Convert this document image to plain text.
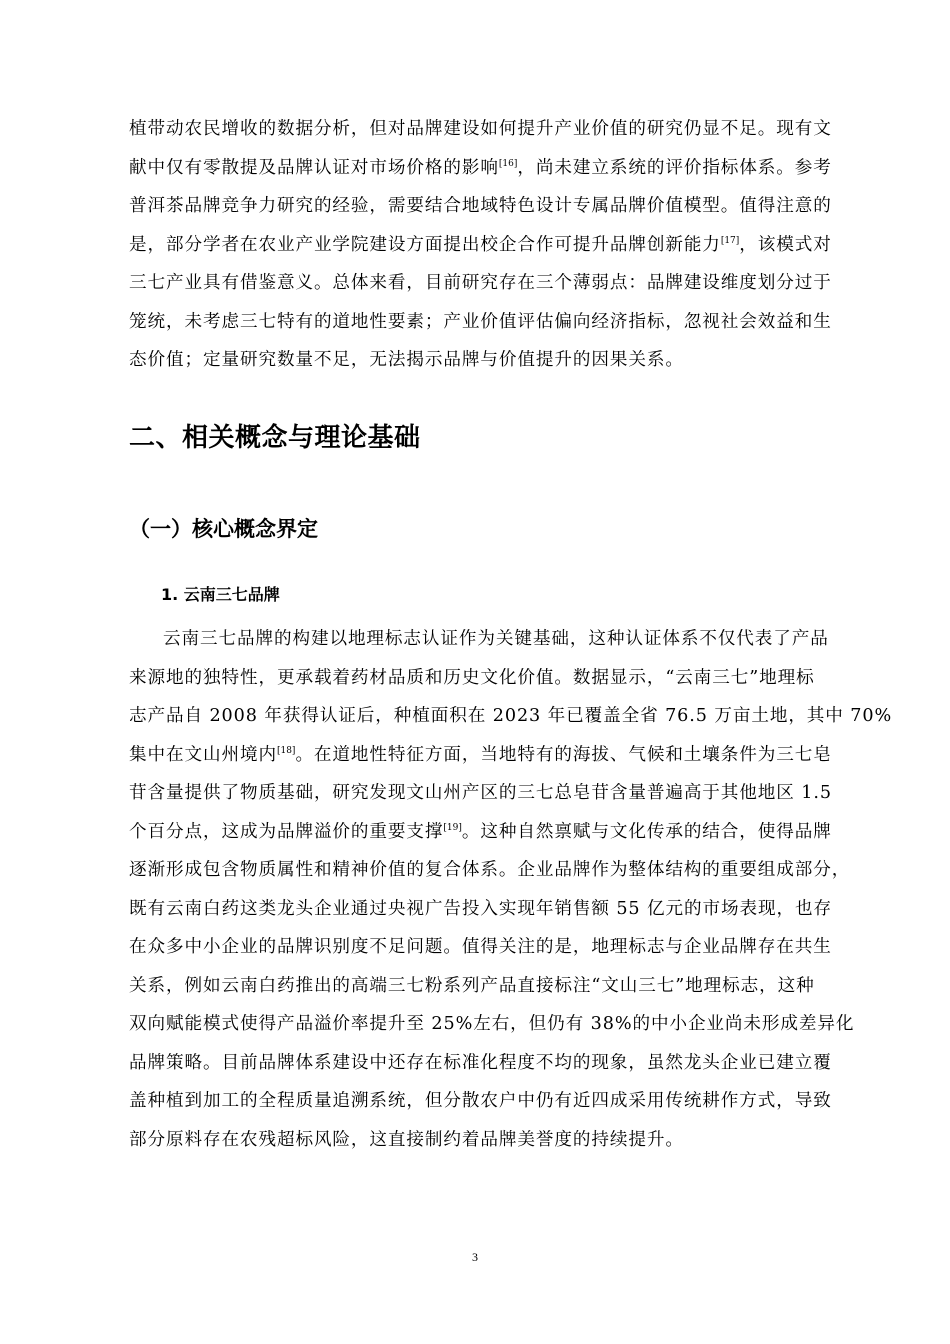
植带动农民增收的数据分析，但对品牌建设如何提升产业价值的研究仍显不足。现有文
献中仅有零散提及品牌认证对市场价格的影响[16]，尚未建立系统的评价指标体系。参考
普洱茶品牌竞争力研究的经验，需要结合地域特色设计专属品牌价值模型。值得注意的
是，部分学者在农业产业学院建设方面提出校企合作可提升品牌创新能力[17]，该模式对
三七产业具有借鉴意义。总体来看，目前研究存在三个薄弱点：品牌建设维度划分过于
笼统，未考虑三七特有的道地性要素；产业价值评估偏向经济指标，忽视社会效益和生
态价值；定量研究数量不足，无法揭示品牌与价值提升的因果关系。

二、相关概念与理论基础
（一）核心概念界定
1. 云南三七品牌

云南三七品牌的构建以地理标志认证作为关键基础，这种认证体系不仅代表了产品
来源地的独特性，更承载着药材品质和历史文化价值。数据显示，“云南三七”地理标
志产品自 2008 年获得认证后，种植面积在 2023 年已覆盖全省 76.5 万亩土地，其中 70%
集中在文山州境内[18]。在道地性特征方面，当地特有的海拔、气候和土壤条件为三七皂
苷含量提供了物质基础，研究发现文山州产区的三七总皂苷含量普遍高于其他地区 1.5
个百分点，这成为品牌溢价的重要支撑[19]。这种自然禀赋与文化传承的结合，使得品牌
逐渐形成包含物质属性和精神价值的复合体系。企业品牌作为整体结构的重要组成部分，
既有云南白药这类龙头企业通过央视广告投入实现年销售额 55 亿元的市场表现，也存
在众多中小企业的品牌识别度不足问题。值得关注的是，地理标志与企业品牌存在共生
关系，例如云南白药推出的高端三七粉系列产品直接标注“文山三七”地理标志，这种
双向赋能模式使得产品溢价率提升至 25%左右，但仍有 38%的中小企业尚未形成差异化
品牌策略。目前品牌体系建设中还存在标准化程度不均的现象，虽然龙头企业已建立覆
盖种植到加工的全程质量追溯系统，但分散农户中仍有近四成采用传统耕作方式，导致
部分原料存在农残超标风险，这直接制约着品牌美誉度的持续提升。

3
